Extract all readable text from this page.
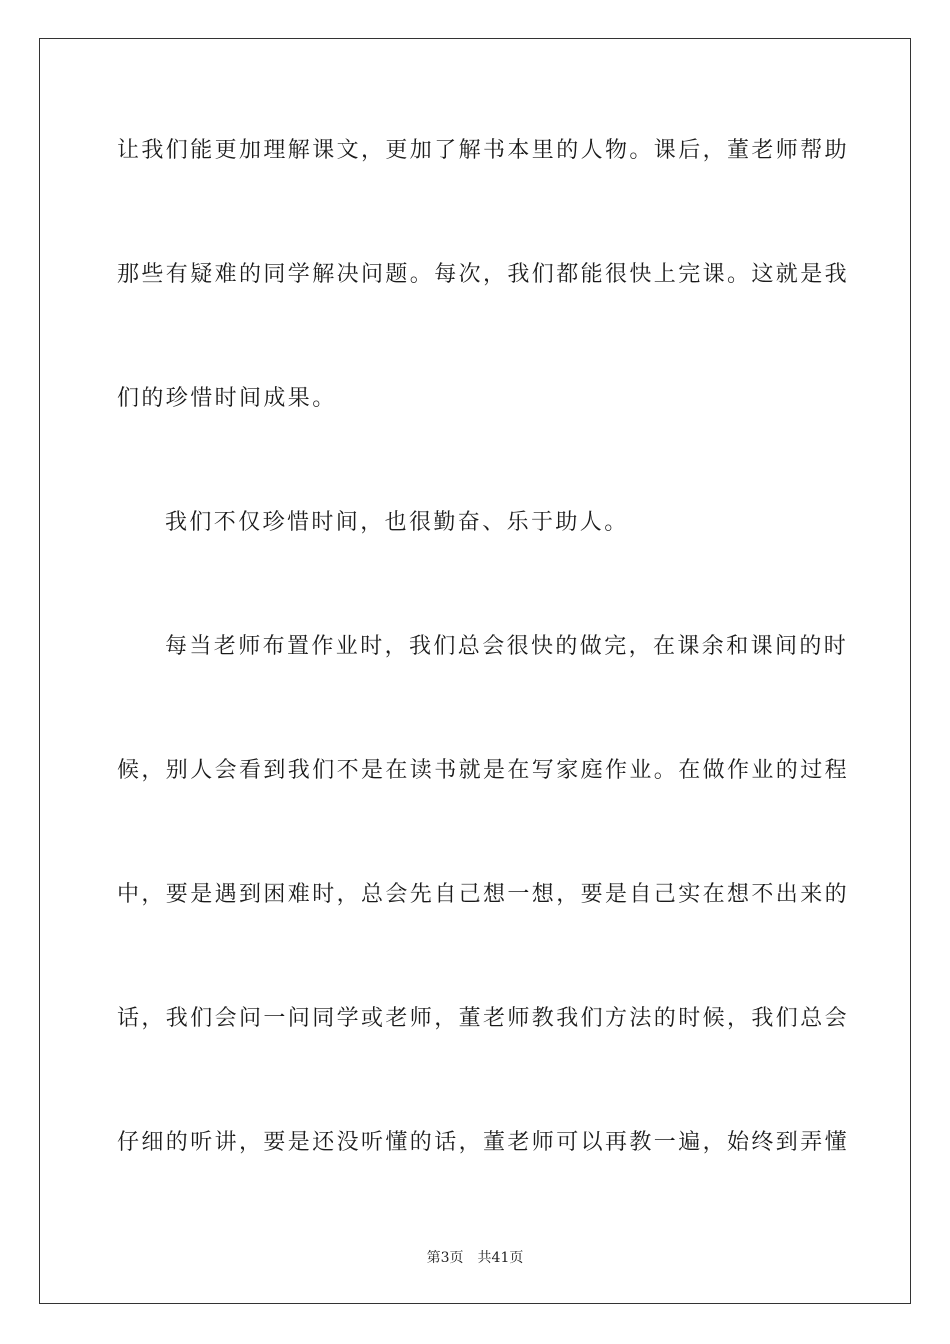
让我们能更加理解课文，更加了解书本里的人物。课后，董老师帮助
那些有疑难的同学解决问题。每次，我们都能很快上完课。这就是我
们的珍惜时间成果。
我们不仅珍惜时间，也很勤奋、乐于助人。
每当老师布置作业时，我们总会很快的做完，在课余和课间的时
候，别人会看到我们不是在读书就是在写家庭作业。在做作业的过程
中，要是遇到困难时，总会先自己想一想，要是自己实在想不出来的
话，我们会问一问同学或老师，董老师教我们方法的时候，我们总会
仔细的听讲，要是还没听懂的话，董老师可以再教一遍，始终到弄懂
第3页 共41页
